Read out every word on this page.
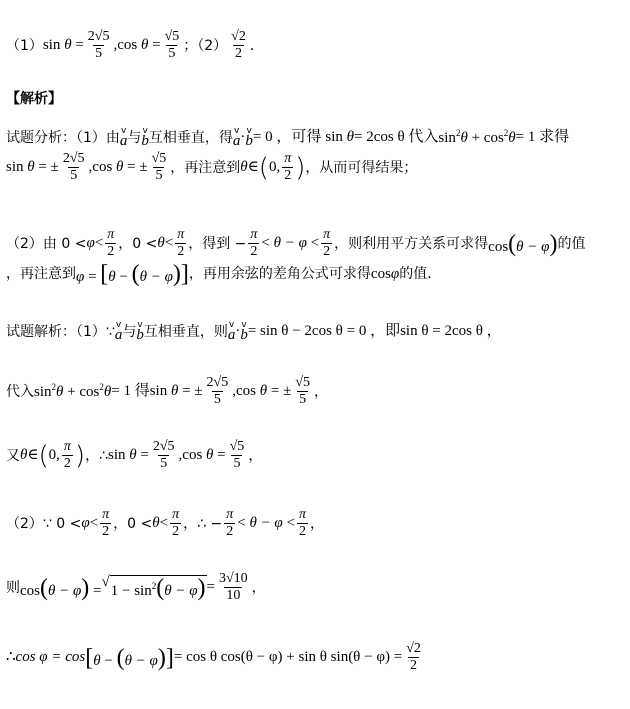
（1） $\sin \theta = \frac{2√5}{5}$ , $\cos \theta = \frac{√5}{5}$ ；$(2) \frac{√2}{2}$ ．
【解析】
试题分析：（1）由 v
a 与 v
b 互相垂直，得 v
a · v
b = 0 ，可得 sin θ = 2cos θ 代入 $\sin^2\theta + \cos^2\theta = 1$ 求得
sin θ = ± $\frac{2√5}{5}$ , cos θ = ± $\frac{√5}{5}$ ，再注意到 θ ∈ ( 0 , $\frac{\pi}{2}$ ) ，从而可得结果；
（2）由 $0 < \varphi < \frac{\pi}{2}$ ，$0 < \theta < \frac{\pi}{2}$ ，得到 − $\frac{\pi}{2} < \theta - \varphi < \frac{\pi}{2}$ ，则利用平方关系可求得 cos(θ − φ) 的值
，再注意到 φ = [θ − (θ − φ)] ，再用余弦的差角公式可求得 cosφ 的值.
试题解析：（1）∵ v
a 与 v
b 互相垂直，则 v
a · v
b = sin θ − 2cos θ = 0 ，即 sin θ = 2cos θ ，
代入 $\sin^2\theta + \cos^2\theta = 1$ 得 sin θ = ± $\frac{2√5}{5}$ , cos θ = ± $\frac{√5}{5}$ ，
又 θ ∈ ( 0 , $\frac{\pi}{2}$ ) ，∴ $\sin \theta = \frac{2√5}{5}$ , $\cos \theta = \frac{√5}{5}$ ，
（2）∵ $0 < \varphi < \frac{\pi}{2}$ ，$0 < \theta < \frac{\pi}{2}$ ，∴ − $\frac{\pi}{2} < \theta - \varphi < \frac{\pi}{2}$ ，
则 cos(θ − φ) =
√
$1 - \sin^2(\theta - \varphi) = \frac{3√10}{10}$ ，
∴ cos φ = cos [θ − (θ − φ)] = cos θ cos(θ − φ) + sin θ $\sin(\theta - \varphi) = \frac{√2}{2}$
